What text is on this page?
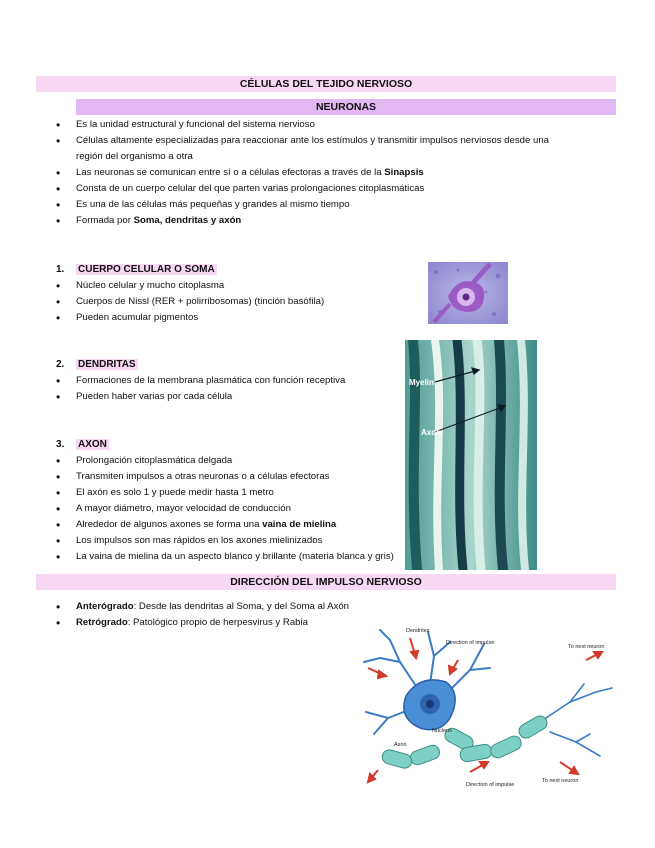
CÉLULAS DEL TEJIDO NERVIOSO
NEURONAS
• Es la unidad estructural y funcional del sistema nervioso
• Células altamente especializadas para reaccionar ante los estímulos y transmitir impulsos nerviosos desde una
región del organismo a otra
• Las neuronas se comunican entre sí o a células efectoras a través de la Sinapsis
• Consta de un cuerpo celular del que parten varias prolongaciones citoplasmáticas
• Es una de las células más pequeñas y grandes al mismo tiempo
• Formada por Soma, dendritas y axón
1. CUERPO CELULAR O SOMA
• Núcleo celular y mucho citoplasma
• Cuerpos de Nissl (RER + polirribosomas) (tinción basófila)
• Pueden acumular pigmentos
2. DENDRITAS
• Formaciones de la membrana plasmática con función receptiva
• Pueden haber varias por cada célula
3. AXON
• Prolongación citoplasmática delgada
• Transmiten impulsos a otras neuronas o a células efectoras
• El axón es solo 1 y puede medir hasta 1 metro
• A mayor diámetro, mayor velocidad de conducción
• Alrededor de algunos axones se forma una vaina de mielina
• Los impulsos son mas rápidos en los axones mielinizados
• La vaina de mielina da un aspecto blanco y brillante (materia blanca y gris)
DIRECCIÓN DEL IMPULSO NERVIOSO
• Anterógrado: Desde las dendritas al Soma, y del Soma al Axón
• Retrógrado: Patológico propio de herpesvirus y Rabia
Myelin
Axon
Dendrites
Direction of impulse
Nucleus
Axon
To next neuron
Direction of impulse
To next neuron
